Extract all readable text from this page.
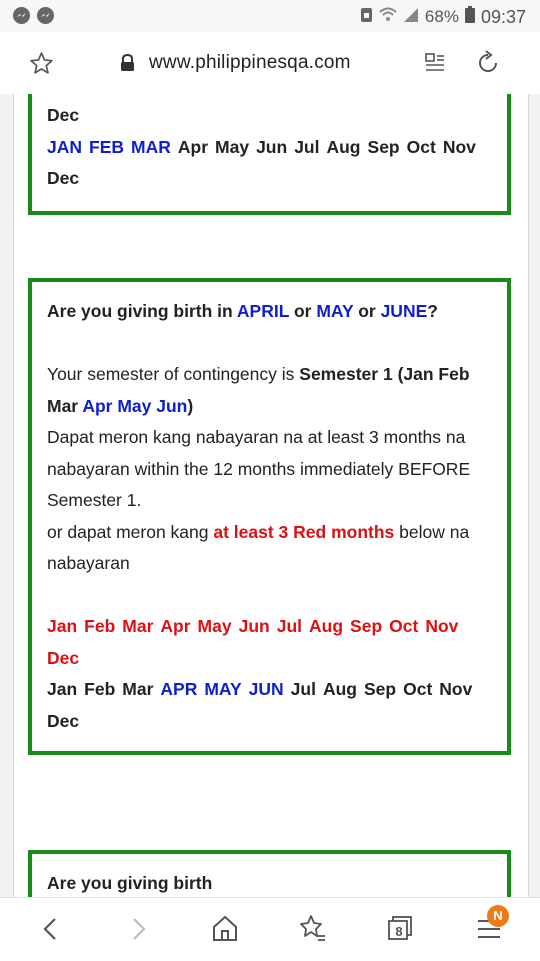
68% 09:37
www.philippinesqa.com
Dec
JAN FEB MAR Apr May Jun Jul Aug Sep Oct Nov
Dec
Are you giving birth in APRIL or MAY or JUNE?
Your semester of contingency is Semester 1 (Jan Feb
Mar Apr May Jun)
Dapat meron kang nabayaran na at least 3 months na
nabayaran within the 12 months immediately BEFORE
Semester 1.
or dapat meron kang at least 3 Red months below na
nabayaran
Jan Feb Mar Apr May Jun Jul Aug Sep Oct Nov
Dec
Jan Feb Mar APR MAY JUN Jul Aug Sep Oct Nov
Dec
Are you giving birth
8
N
